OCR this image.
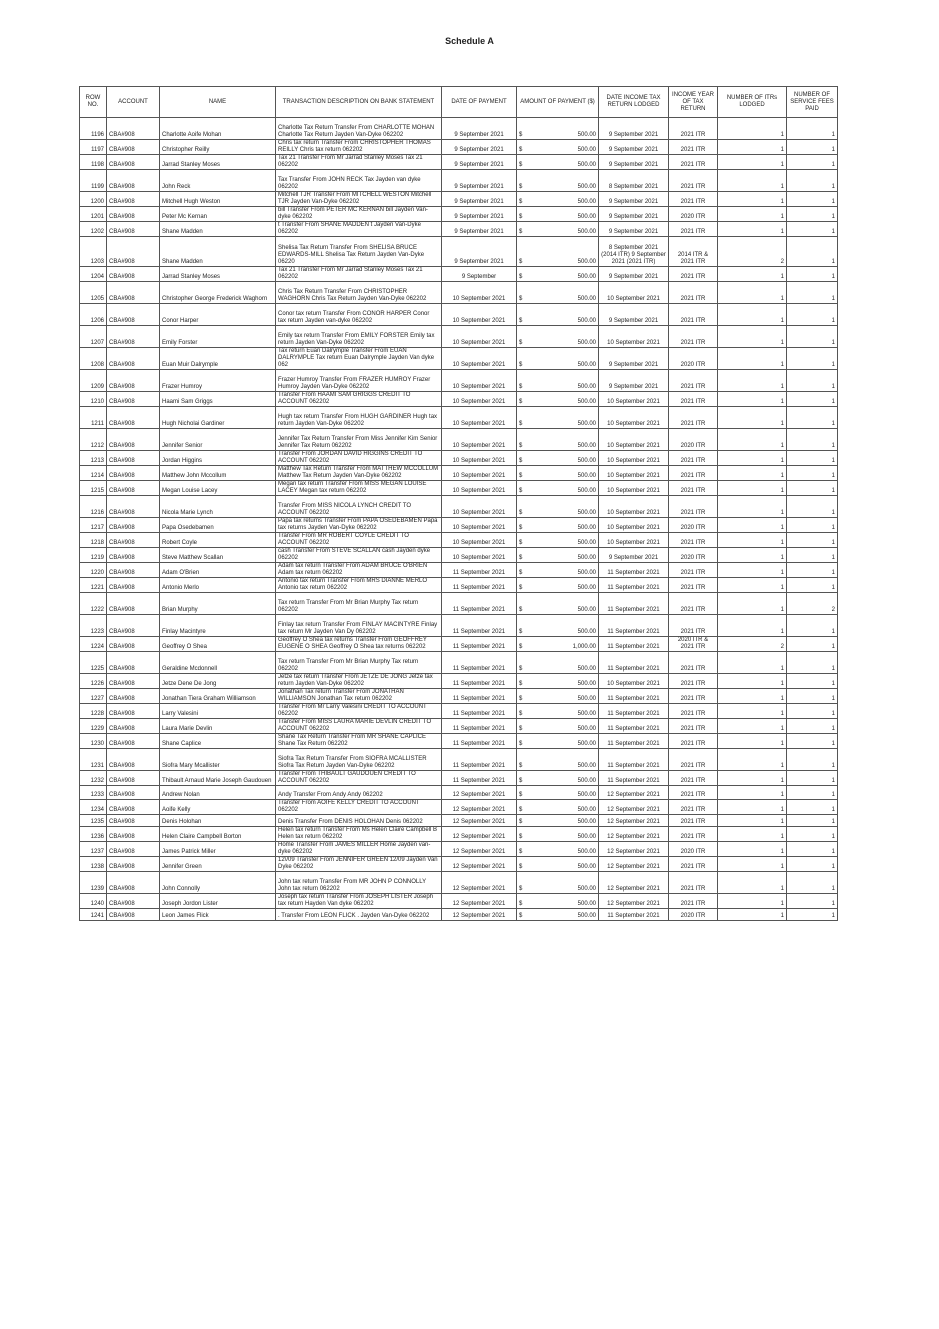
Schedule A
ROW NO.	ACCOUNT	NAME	TRANSACTION DESCRIPTION ON BANK STATEMENT	DATE OF PAYMENT	AMOUNT OF PAYMENT ($)	DATE INCOME TAX RETURN LODGED	INCOME YEAR OF TAX RETURN	NUMBER OF ITRs LODGED	NUMBER OF SERVICE FEES PAID
1196	CBA#908	Charlotte Aoife Mohan	Charlotte Tax Return Transfer From CHARLOTTE MOHAN Charlotte Tax Return Jayden Van-Dyke 062202	9 September 2021	$ 500.00	9 September 2021	2021 ITR	1	1
1197	CBA#908	Christopher Reilly	Chris tax return Transfer From CHRISTOPHER THOMAS REILLY Chris tax return 062202	9 September 2021	$ 500.00	9 September 2021	2021 ITR	1	1
1198	CBA#908	Jarrad Stanley Moses	Tax 21 Transfer From Mr Jarrad Stanley Moses Tax 21 062202	9 September 2021	$ 500.00	9 September 2021	2021 ITR	1	1
1199	CBA#908	John Reck	Tax Transfer From JOHN RECK Tax Jayden van dyke 062202	9 September 2021	$ 500.00	8 September 2021	2021 ITR	1	1
1200	CBA#908	Mitchell Hugh Weston	Mitchell TJR Transfer From MITCHELL WESTON Mitchell TJR Jayden Van-Dyke 062202	9 September 2021	$ 500.00	9 September 2021	2021 ITR	1	1
1201	CBA#908	Peter Mc Kernan	bill Transfer From PETER MC KERNAN bill Jayden Van-dyke 062202	9 September 2021	$ 500.00	9 September 2021	2020 ITR	1	1
1202	CBA#908	Shane Madden	t Transfer From SHANE MADDEN t Jayden Van-Dyke 062202	9 September 2021	$ 500.00	9 September 2021	2021 ITR	1	1
1203	CBA#908	Shane Madden	Shelisa Tax Return Transfer From SHELISA BRUCE EDWARDS-MILL Shelisa Tax Return Jayden Van-Dyke 06220	9 September 2021	$ 500.00	8 September 2021 (2014 ITR) 9 September 2021 (2021 ITR)	2014 ITR & 2021 ITR	2	1
1204	CBA#908	Jarrad Stanley Moses	Tax 21 Transfer From Mr Jarrad Stanley Moses Tax 21 062202	9 September	$ 500.00	9 September 2021	2021 ITR	1	1
1205	CBA#908	Christopher George Frederick Waghorn	Chris Tax Return Transfer From CHRISTOPHER WAGHORN Chris Tax Return Jayden Van-Dyke 062202	10 September 2021	$ 500.00	10 September 2021	2021 ITR	1	1
1206	CBA#908	Conor Harper	Conor tax return Transfer From CONOR HARPER Conor tax return Jayden van-dyke 062202	10 September 2021	$ 500.00	9 September 2021	2021 ITR	1	1
1207	CBA#908	Emily Forster	Emily tax return Transfer From EMILY FORSTER Emily tax return Jayden Van-Dyke 062202	10 September 2021	$ 500.00	10 September 2021	2021 ITR	1	1
1208	CBA#908	Euan Muir Dalrymple	Tax return Euan Dalrymple Transfer From EUAN DALRYMPLE Tax return Euan Dalrymple Jayden Van dyke 062	10 September 2021	$ 500.00	9 September 2021	2020 ITR	1	1
1209	CBA#908	Frazer Humroy	Frazer Humroy Transfer From FRAZER HUMROY Frazer Humroy Jayden Van-Dyke 062202	10 September 2021	$ 500.00	9 September 2021	2021 ITR	1	1
1210	CBA#908	Haami Sam Griggs	Transfer From HAAMI SAM GRIGGS CREDIT TO ACCOUNT 062202	10 September 2021	$ 500.00	10 September 2021	2021 ITR	1	1
1211	CBA#908	Hugh Nicholai Gardiner	Hugh tax return Transfer From HUGH GARDINER Hugh tax return Jayden Van-Dyke 062202	10 September 2021	$ 500.00	10 September 2021	2021 ITR	1	1
1212	CBA#908	Jennifer Senior	Jennifer Tax Return Transfer From Miss Jennifer Kim Senior Jennifer Tax Return 062202	10 September 2021	$ 500.00	10 September 2021	2020 ITR	1	1
1213	CBA#908	Jordan Higgins	Transfer From JORDAN DAVID HIGGINS CREDIT TO ACCOUNT 062202	10 September 2021	$ 500.00	10 September 2021	2021 ITR	1	1
1214	CBA#908	Matthew John Mccollum	Matthew Tax Return Transfer From MATTHEW MCCOLLUM Matthew Tax Return Jayden Van-Dyke 062202	10 September 2021	$ 500.00	10 September 2021	2021 ITR	1	1
1215	CBA#908	Megan Louise Lacey	Megan tax return Transfer From MISS MEGAN LOUISE LACEY Megan tax return 062202	10 September 2021	$ 500.00	10 September 2021	2021 ITR	1	1
1216	CBA#908	Nicola Marie Lynch	Transfer From MISS NICOLA LYNCH CREDIT TO ACCOUNT 062202	10 September 2021	$ 500.00	10 September 2021	2021 ITR	1	1
1217	CBA#908	Papa Osedebamen	Papa tax returns Transfer From PAPA OSEDEBAMEN Papa tax returns Jayden Van-Dyke 062202	10 September 2021	$ 500.00	10 September 2021	2020 ITR	1	1
1218	CBA#908	Robert Coyle	Transfer From MR ROBERT COYLE CREDIT TO ACCOUNT 062202	10 September 2021	$ 500.00	10 September 2021	2021 ITR	1	1
1219	CBA#908	Steve Matthew Scallan	cash Transfer From STEVE SCALLAN cash Jayden dyke 062202	10 September 2021	$ 500.00	9 September 2021	2020 ITR	1	1
1220	CBA#908	Adam O'Brien	Adam tax return Transfer From ADAM BRUCE O'BRIEN Adam tax return 062202	11 September 2021	$ 500.00	11 September 2021	2021 ITR	1	1
1221	CBA#908	Antonio Merlo	Antonio tax return Transfer From MRS DIANNE MERLO Antonio tax return 062202	11 September 2021	$ 500.00	11 September 2021	2021 ITR	1	1
1222	CBA#908	Brian Murphy	Tax return Transfer From Mr Brian Murphy Tax return 062202	11 September 2021	$ 500.00	11 September 2021	2021 ITR	1	2
1223	CBA#908	Finlay Macintyre	Finlay tax return Transfer From FINLAY MACINTYRE Finlay tax return Mr Jayden Van Dy 062202	11 September 2021	$ 500.00	11 September 2021	2021 ITR	1	1
1224	CBA#908	Geoffrey O Shea	Geoffrey O Shea tax returns Transfer From GEOFFREY EUGENE O SHEA Geoffrey O Shea tax returns 062202	11 September 2021	$ 1,000.00	11 September 2021	2020 ITR & 2021 ITR	2	1
1225	CBA#908	Geraldine Mcdonnell	Tax return Transfer From Mr Brian Murphy Tax return 062202	11 September 2021	$ 500.00	11 September 2021	2021 ITR	1	1
1226	CBA#908	Jetze Dene De Jong	Jetze tax return Transfer From JETZE DE JONG Jetze tax return Jayden Van-Dyke 062202	11 September 2021	$ 500.00	10 September 2021	2021 ITR	1	1
1227	CBA#908	Jonathan Tiera Graham Williamson	Jonathan Tax return Transfer From JONATHAN WILLIAMSON Jonathan Tax return 062202	11 September 2021	$ 500.00	11 September 2021	2021 ITR	1	1
1228	CBA#908	Larry Valesini	Transfer From Mr Larry Valesini CREDIT TO ACCOUNT 062202	11 September 2021	$ 500.00	11 September 2021	2021 ITR	1	1
1229	CBA#908	Laura Marie Devlin	Transfer From MISS LAURA MARIE DEVLIN CREDIT TO ACCOUNT 062202	11 September 2021	$ 500.00	11 September 2021	2021 ITR	1	1
1230	CBA#908	Shane Caplice	Shane Tax Return Transfer From MR SHANE CAPLICE Shane Tax Return 062202	11 September 2021	$ 500.00	11 September 2021	2021 ITR	1	1
1231	CBA#908	Siofra Mary Mcallister	Siofra Tax Return Transfer From SIOFRA MCALLISTER Siofra Tax Return Jayden Van-Dyke 062202	11 September 2021	$ 500.00	11 September 2021	2021 ITR	1	1
1232	CBA#908	Thibault Arnaud Marie Joseph Gaudouen	Transfer From THIBAULT GAUDOUEN CREDIT TO ACCOUNT 062202	11 September 2021	$ 500.00	11 September 2021	2021 ITR	1	1
1233	CBA#908	Andrew Nolan	Andy Transfer From Andy Andy 062202	12 September 2021	$ 500.00	12 September 2021	2021 ITR	1	1
1234	CBA#908	Aoife Kelly	Transfer From AOIFE KELLY CREDIT TO ACCOUNT 062202	12 September 2021	$ 500.00	12 September 2021	2021 ITR	1	1
1235	CBA#908	Denis Holohan	Denis Transfer From DENIS HOLOHAN Denis 062202	12 September 2021	$ 500.00	12 September 2021	2021 ITR	1	1
1236	CBA#908	Helen Claire Campbell Borton	Helen tax return Transfer From Ms Helen Claire Campbell B Helen tax return 062202	12 September 2021	$ 500.00	12 September 2021	2021 ITR	1	1
1237	CBA#908	James Patrick Miller	Home Transfer From JAMES MILLER Home Jayden van-dyke 062202	12 September 2021	$ 500.00	12 September 2021	2020 ITR	1	1
1238	CBA#908	Jennifer Green	12\/09 Transfer From JENNIFER GREEN 12/09 Jayden Van Dyke 062202	12 September 2021	$ 500.00	12 September 2021	2021 ITR	1	1
1239	CBA#908	John Connolly	John tax return Transfer From MR JOHN P CONNOLLY John tax return 062202	12 September 2021	$ 500.00	12 September 2021	2021 ITR	1	1
1240	CBA#908	Joseph Jordon Lister	Joseph tax return Transfer From JOSEPH LISTER Joseph tax return Hayden Van dyke 062202	12 September 2021	$ 500.00	12 September 2021	2021 ITR	1	1
1241	CBA#908	Leon James Flick	. Transfer From LEON FLICK . Jayden Van-Dyke 062202	12 September 2021	$ 500.00	11 September 2021	2020 ITR	1	1
